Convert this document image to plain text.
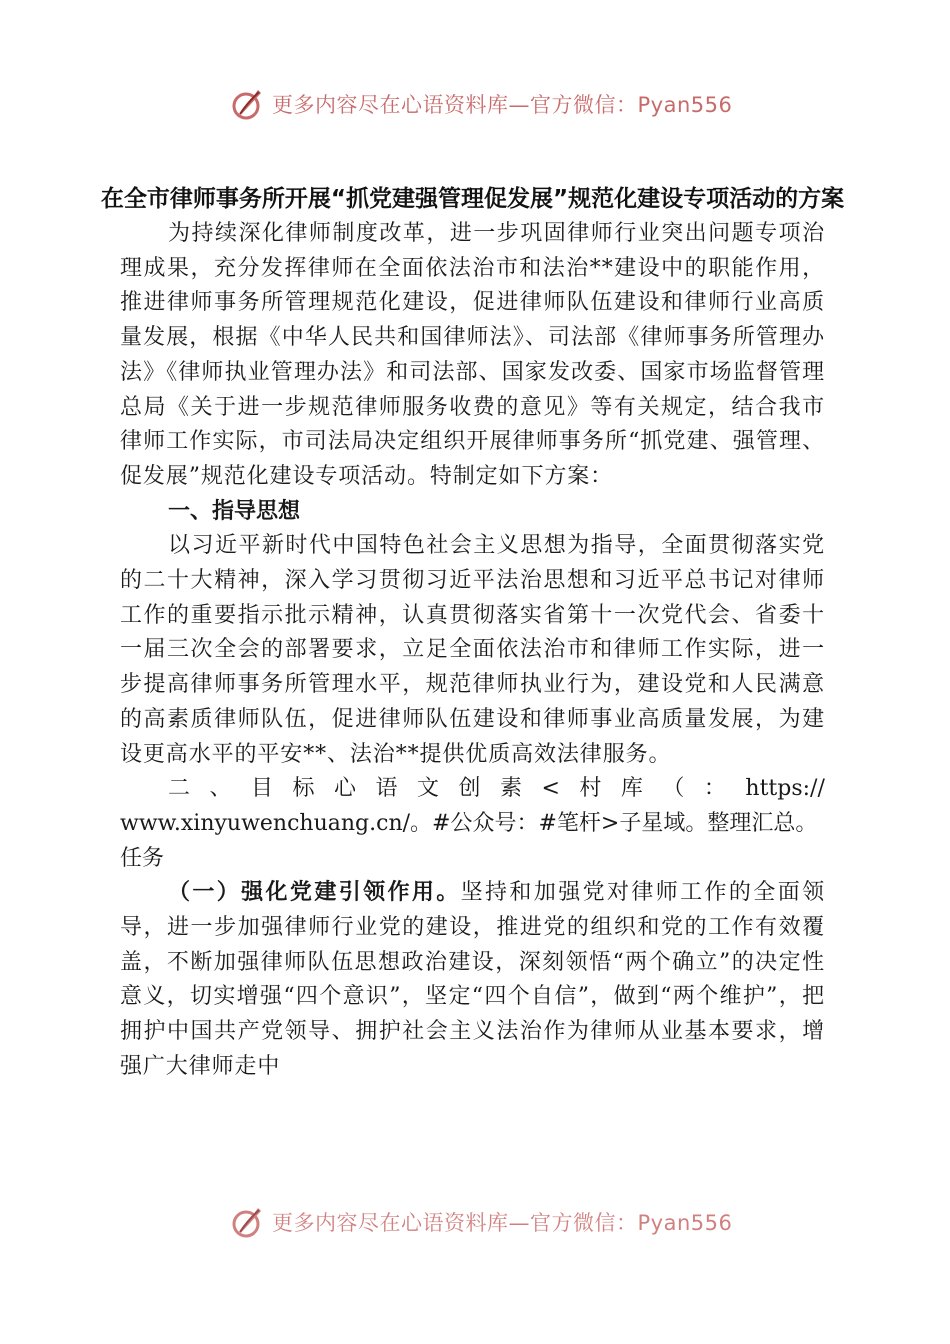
更多内容尽在心语资料库—官方微信：Pyan556
在全市律师事务所开展“抓党建强管理促发展”规范化建设专项活动的方案

为持续深化律师制度改革，进一步巩固律师行业突出问题专项治理成果，充分发挥律师在全面依法治市和法治**建设中的职能作用，推进律师事务所管理规范化建设，促进律师队伍建设和律师行业高质量发展，根据《中华人民共和国律师法》、司法部《律师事务所管理办法》《律师执业管理办法》和司法部、国家发改委、国家市场监督管理总局《关于进一步规范律师服务收费的意见》等有关规定，结合我市律师工作实际，市司法局决定组织开展律师事务所“抓党建、强管理、促发展”规范化建设专项活动。特制定如下方案：

一、指导思想

以习近平新时代中国特色社会主义思想为指导，全面贯彻落实党的二十大精神，深入学习贯彻习近平法治思想和习近平总书记对律师工作的重要指示批示精神，认真贯彻落实省第十一次党代会、省委十一届三次全会的部署要求，立足全面依法治市和律师工作实际，进一步提高律师事务所管理水平，规范律师执业行为，建设党和人民满意的高素质律师队伍，促进律师队伍建设和律师事业高质量发展，为建设更高水平的平安**、法治**提供优质高效法律服务。

二 、 目 标 心 语 文 创 素 < 村 库 （ ： https://
www.xinyuwenchuang.cn/。#公众号：#笔杆>子星域。整理汇总。
任务

（一）强化党建引领作用。坚持和加强党对律师工作的全面领导，进一步加强律师行业党的建设，推进党的组织和党的工作有效覆盖，不断加强律师队伍思想政治建设，深刻领悟“两个确立”的决定性意义，切实增强“四个意识”，坚定“四个自信”，做到“两个维护”，把拥护中国共产党领导、拥护社会主义法治作为律师从业基本要求，增强广大律师走中

更多内容尽在心语资料库—官方微信：Pyan556
